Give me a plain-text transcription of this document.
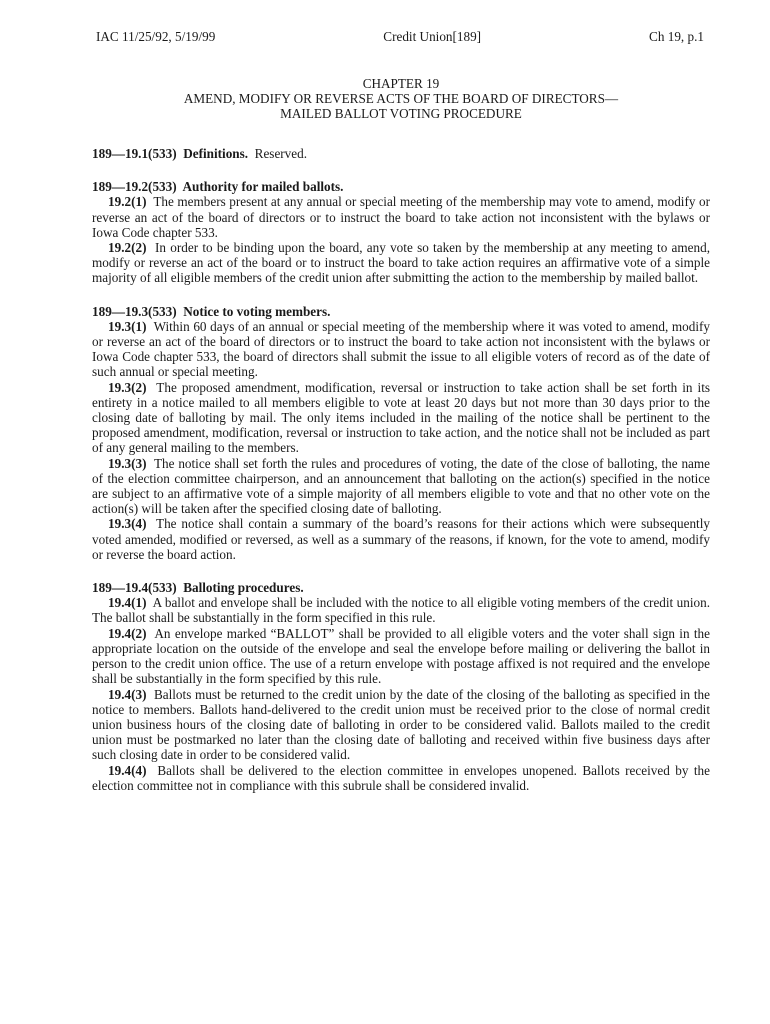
IAC 11/25/92, 5/19/99	Credit Union[189]	Ch 19, p.1
CHAPTER 19
AMEND, MODIFY OR REVERSE ACTS OF THE BOARD OF DIRECTORS—
MAILED BALLOT VOTING PROCEDURE
189—19.1(533) Definitions. Reserved.
189—19.2(533) Authority for mailed ballots.

19.2(1) The members present at any annual or special meeting of the membership may vote to amend, modify or reverse an act of the board of directors or to instruct the board to take action not inconsistent with the bylaws or Iowa Code chapter 533.

19.2(2) In order to be binding upon the board, any vote so taken by the membership at any meeting to amend, modify or reverse an act of the board or to instruct the board to take action requires an affirmative vote of a simple majority of all eligible members of the credit union after submitting the action to the membership by mailed ballot.

189—19.3(533) Notice to voting members.

19.3(1) Within 60 days of an annual or special meeting of the membership where it was voted to amend, modify or reverse an act of the board of directors or to instruct the board to take action not inconsistent with the bylaws or Iowa Code chapter 533, the board of directors shall submit the issue to all eligible voters of record as of the date of such annual or special meeting.

19.3(2) The proposed amendment, modification, reversal or instruction to take action shall be set forth in its entirety in a notice mailed to all members eligible to vote at least 20 days but not more than 30 days prior to the closing date of balloting by mail. The only items included in the mailing of the notice shall be pertinent to the proposed amendment, modification, reversal or instruction to take action, and the notice shall not be included as part of any general mailing to the members.

19.3(3) The notice shall set forth the rules and procedures of voting, the date of the close of balloting, the name of the election committee chairperson, and an announcement that balloting on the action(s) specified in the notice are subject to an affirmative vote of a simple majority of all members eligible to vote and that no other vote on the action(s) will be taken after the specified closing date of balloting.

19.3(4) The notice shall contain a summary of the board’s reasons for their actions which were subsequently voted amended, modified or reversed, as well as a summary of the reasons, if known, for the vote to amend, modify or reverse the board action.

189—19.4(533) Balloting procedures.

19.4(1) A ballot and envelope shall be included with the notice to all eligible voting members of the credit union. The ballot shall be substantially in the form specified in this rule.

19.4(2) An envelope marked “BALLOT” shall be provided to all eligible voters and the voter shall sign in the appropriate location on the outside of the envelope and seal the envelope before mailing or delivering the ballot in person to the credit union office. The use of a return envelope with postage affixed is not required and the envelope shall be substantially in the form specified by this rule.

19.4(3) Ballots must be returned to the credit union by the date of the closing of the balloting as specified in the notice to members. Ballots hand-delivered to the credit union must be received prior to the close of normal credit union business hours of the closing date of balloting in order to be considered valid. Ballots mailed to the credit union must be postmarked no later than the closing date of balloting and received within five business days after such closing date in order to be considered valid.

19.4(4) Ballots shall be delivered to the election committee in envelopes unopened. Ballots received by the election committee not in compliance with this subrule shall be considered invalid.
